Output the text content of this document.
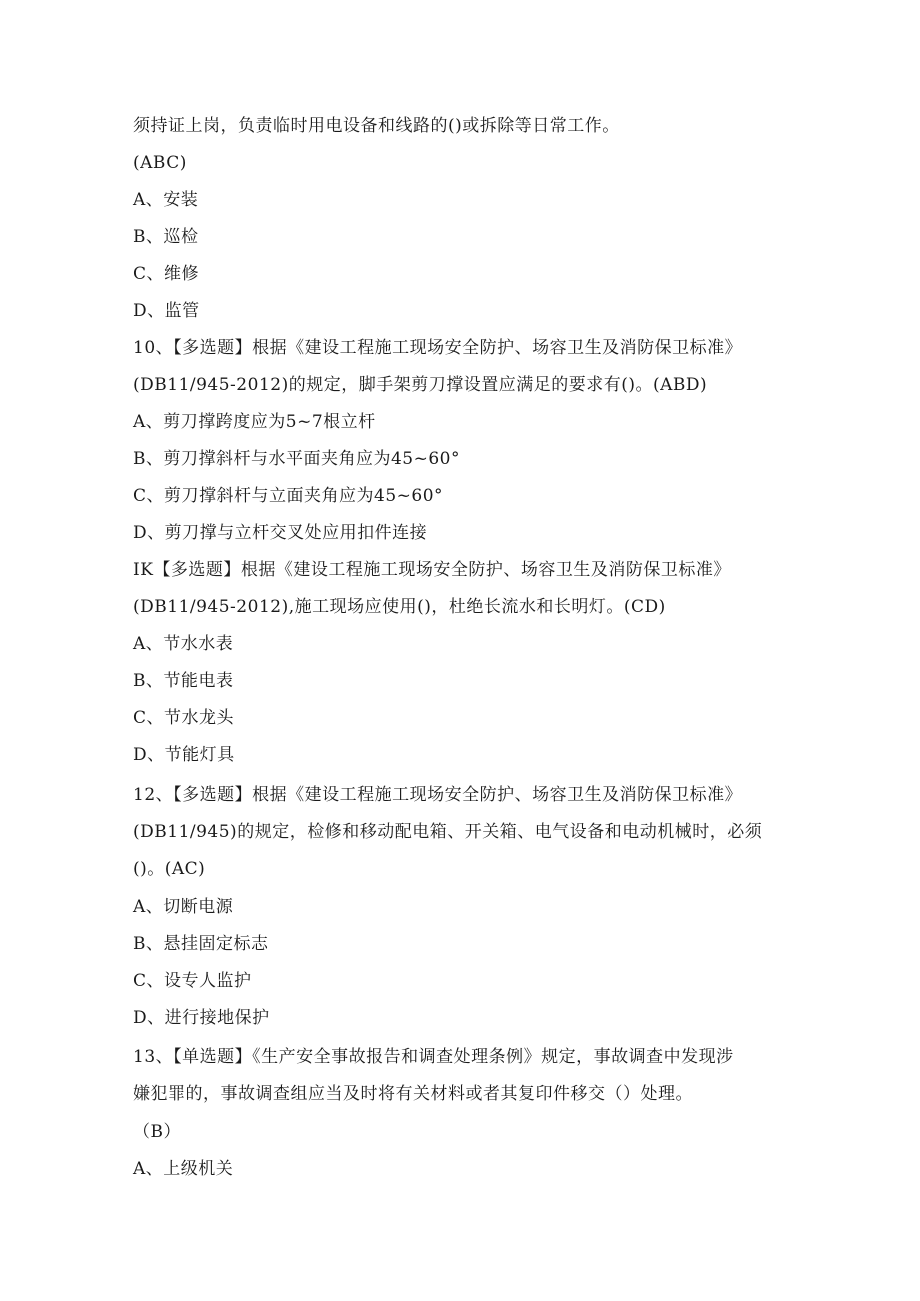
须持证上岗，负责临时用电设备和线路的()或拆除等日常工作。
(ABC)
A、安装
B、巡检
C、维修
D、监管
10、【多选题】根据《建设工程施工现场安全防护、场容卫生及消防保卫标准》
(DB11/945-2012)的规定，脚手架剪刀撑设置应满足的要求有()。(ABD)
A、剪刀撑跨度应为5~7根立杆
B、剪刀撑斜杆与水平面夹角应为45~60°
C、剪刀撑斜杆与立面夹角应为45~60°
D、剪刀撑与立杆交叉处应用扣件连接
IK【多选题】根据《建设工程施工现场安全防护、场容卫生及消防保卫标准》
(DB11/945-2012),施工现场应使用()，杜绝长流水和长明灯。(CD)
A、节水水表
B、节能电表
C、节水龙头
D、节能灯具
12、【多选题】根据《建设工程施工现场安全防护、场容卫生及消防保卫标准》
(DB11/945)的规定，检修和移动配电箱、开关箱、电气设备和电动机械时，必须
()。(AC)
A、切断电源
B、悬挂固定标志
C、设专人监护
D、进行接地保护
13、【单选题】《生产安全事故报告和调查处理条例》规定，事故调查中发现涉
嫌犯罪的，事故调查组应当及时将有关材料或者其复印件移交（）处理。
（B）
A、上级机关
